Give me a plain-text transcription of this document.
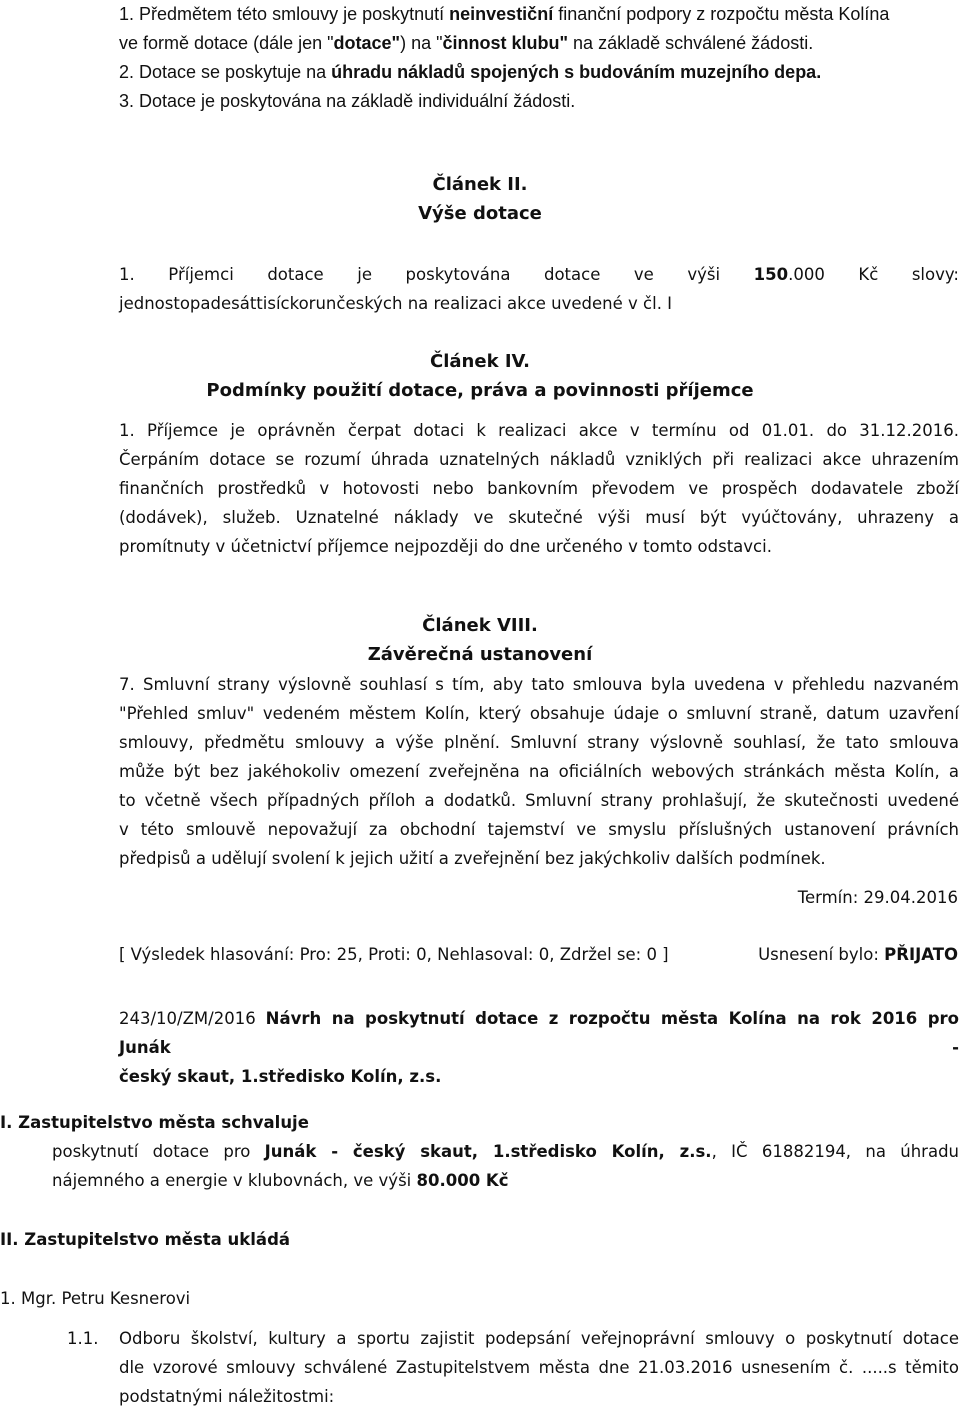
1. Předmětem této smlouvy je poskytnutí neinvestiční finanční podpory z rozpočtu města Kolína

ve formě dotace (dále jen "dotace") na "činnost klubu" na základě schválené žádosti.

2. Dotace se poskytuje na úhradu nákladů spojených s budováním muzejního depa.

3. Dotace je poskytována na základě individuální žádosti.

Článek II.

Výše dotace

1. Příjemci dotace je poskytována dotace ve výši 150.000 Kč slovy:

jednostopadesáttisíckorunčeských na realizaci akce uvedené v čl. I

Článek IV.

Podmínky použití dotace, práva a povinnosti příjemce

1. Příjemce je oprávněn čerpat dotaci k realizaci akce v termínu od 01.01. do 31.12.2016.

Čerpáním dotace se rozumí úhrada uznatelných nákladů vzniklých při realizaci akce uhrazením

finančních prostředků v hotovosti nebo bankovním převodem ve prospěch dodavatele zboží

(dodávek), služeb. Uznatelné náklady ve skutečné výši musí být vyúčtovány, uhrazeny a

promítnuty v účetnictví příjemce nejpozději do dne určeného v tomto odstavci.

Článek VIII.

Závěrečná ustanovení

7. Smluvní strany výslovně souhlasí s tím, aby tato smlouva byla uvedena v přehledu nazvaném

"Přehled smluv" vedeném městem Kolín, který obsahuje údaje o smluvní straně, datum uzavření

smlouvy, předmětu smlouvy a výše plnění. Smluvní strany výslovně souhlasí, že tato smlouva

může být bez jakéhokoliv omezení zveřejněna na oficiálních webových stránkách města Kolín, a

to včetně všech případných příloh a dodatků. Smluvní strany prohlašují, že skutečnosti uvedené

v této smlouvě nepovažují za obchodní tajemství ve smyslu příslušných ustanovení právních

předpisů a udělují svolení k jejich užití a zveřejnění bez jakýchkoliv dalších podmínek.

Termín: 29.04.2016

[ Výsledek hlasování: Pro: 25, Proti: 0, Nehlasoval: 0, Zdržel se: 0 ]	Usnesení bylo: PŘIJATO

243/10/ZM/2016 Návrh na poskytnutí dotace z rozpočtu města Kolína na rok 2016 pro Junák -

český skaut, 1.středisko Kolín, z.s.

I. Zastupitelstvo města schvaluje

poskytnutí dotace pro Junák - český skaut, 1.středisko Kolín, z.s., IČ 61882194, na úhradu

nájemného a energie v klubovnách, ve výši 80.000 Kč

II. Zastupitelstvo města ukládá

1. Mgr. Petru Kesnerovi

1.1. Odboru školství, kultury a sportu zajistit podepsání veřejnoprávní smlouvy o poskytnutí dotace

dle vzorové smlouvy schválené Zastupitelstvem města dne 21.03.2016 usnesením č. .....s těmito

podstatnými náležitostmi:
